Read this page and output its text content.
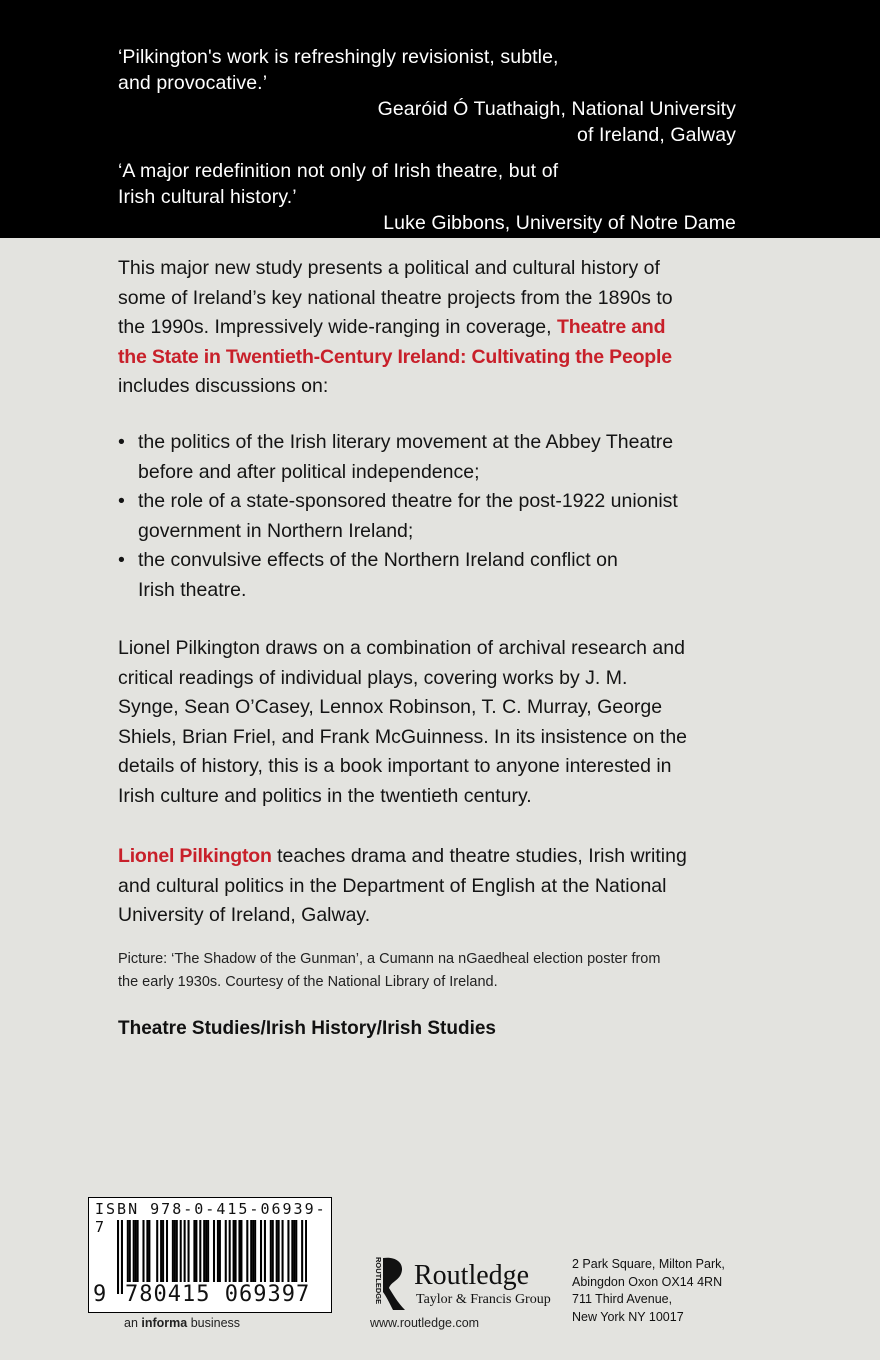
‘Pilkington's work is refreshingly revisionist, subtle,
and provocative.’

Gearóid Ó Tuathaigh, National University
of Ireland, Galway

‘A major redefinition not only of Irish theatre, but of
Irish cultural history.’

Luke Gibbons, University of Notre Dame

This major new study presents a political and cultural history of
some of Ireland’s key national theatre projects from the 1890s to
the 1990s. Impressively wide-ranging in coverage, Theatre and
the State in Twentieth-Century Ireland: Cultivating the People
includes discussions on:
• the politics of the Irish literary movement at the Abbey Theatre
before and after political independence;
• the role of a state-sponsored theatre for the post-1922 unionist
government in Northern Ireland;
• the convulsive effects of the Northern Ireland conflict on
Irish theatre.
Lionel Pilkington draws on a combination of archival research and
critical readings of individual plays, covering works by J. M.
Synge, Sean O’Casey, Lennox Robinson, T. C. Murray, George
Shiels, Brian Friel, and Frank McGuinness. In its insistence on the
details of history, this is a book important to anyone interested in
Irish culture and politics in the twentieth century.
Lionel Pilkington teaches drama and theatre studies, Irish writing
and cultural politics in the Department of English at the National
University of Ireland, Galway.
Picture: ‘The Shadow of the Gunman’, a Cumann na nGaedheal election poster from
the early 1930s. Courtesy of the National Library of Ireland.
Theatre Studies/Irish History/Irish Studies
ISBN 978-0-415-06939-7
9 780415 069397
an informa business
ROUTLEDGE Routledge
Taylor & Francis Group
www.routledge.com
2 Park Square, Milton Park,
Abingdon Oxon OX14 4RN
711 Third Avenue,
New York NY 10017
